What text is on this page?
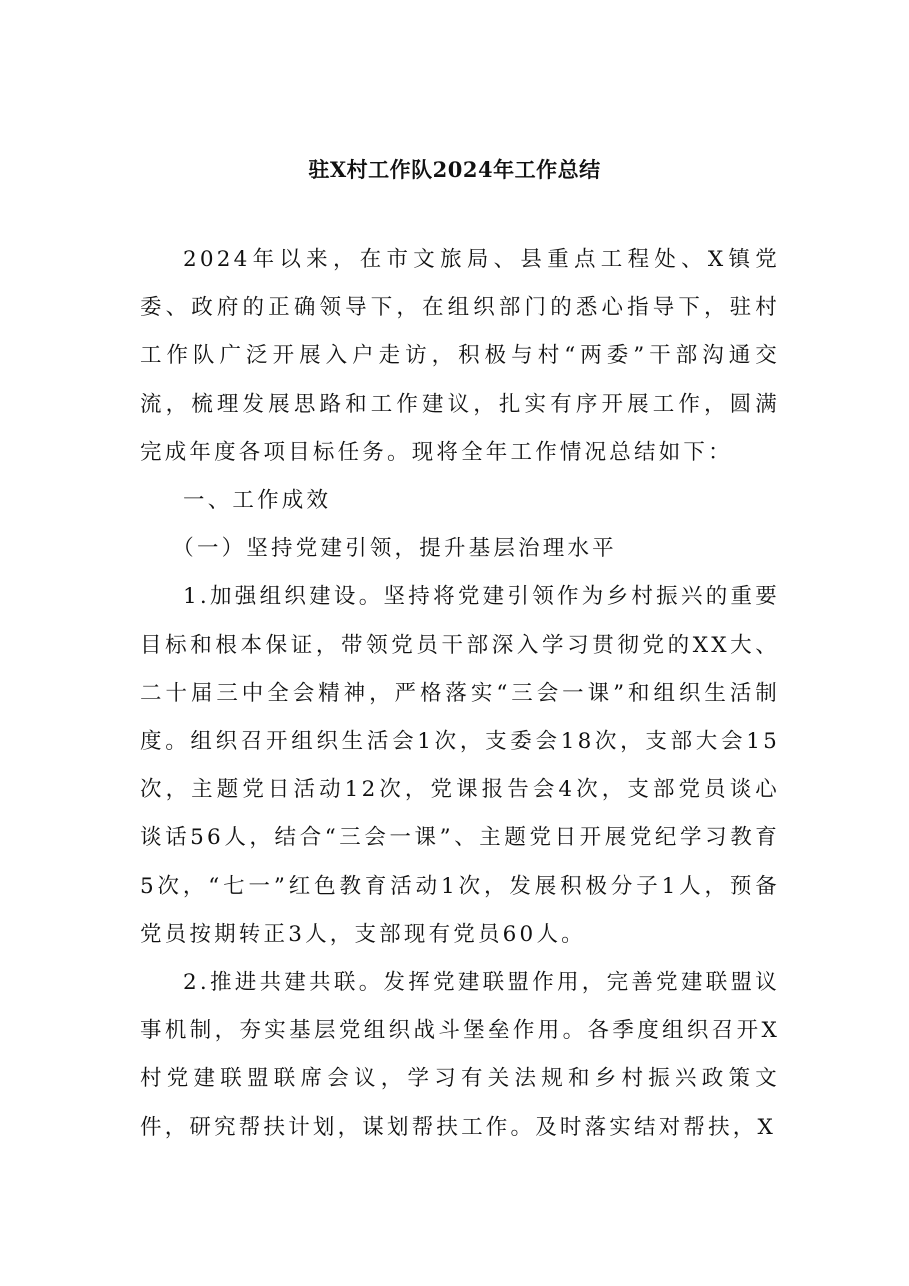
驻X村工作队2024年工作总结

2024年以来，在市文旅局、县重点工程处、X镇党委、政府的正确领导下，在组织部门的悉心指导下，驻村工作队广泛开展入户走访，积极与村“两委”干部沟通交流，梳理发展思路和工作建议，扎实有序开展工作，圆满完成年度各项目标任务。现将全年工作情况总结如下：

一、工作成效

（一）坚持党建引领，提升基层治理水平

1.加强组织建设。坚持将党建引领作为乡村振兴的重要目标和根本保证，带领党员干部深入学习贯彻党的XX大、二十届三中全会精神，严格落实“三会一课”和组织生活制度。组织召开组织生活会1次，支委会18次，支部大会15次，主题党日活动12次，党课报告会4次，支部党员谈心谈话56人，结合“三会一课”、主题党日开展党纪学习教育5次，“七一”红色教育活动1次，发展积极分子1人，预备党员按期转正3人，支部现有党员60人。

2.推进共建共联。发挥党建联盟作用，完善党建联盟议事机制，夯实基层党组织战斗堡垒作用。各季度组织召开X村党建联盟联席会议，学习有关法规和乡村振兴政策文件，研究帮扶计划，谋划帮扶工作。及时落实结对帮扶，X
